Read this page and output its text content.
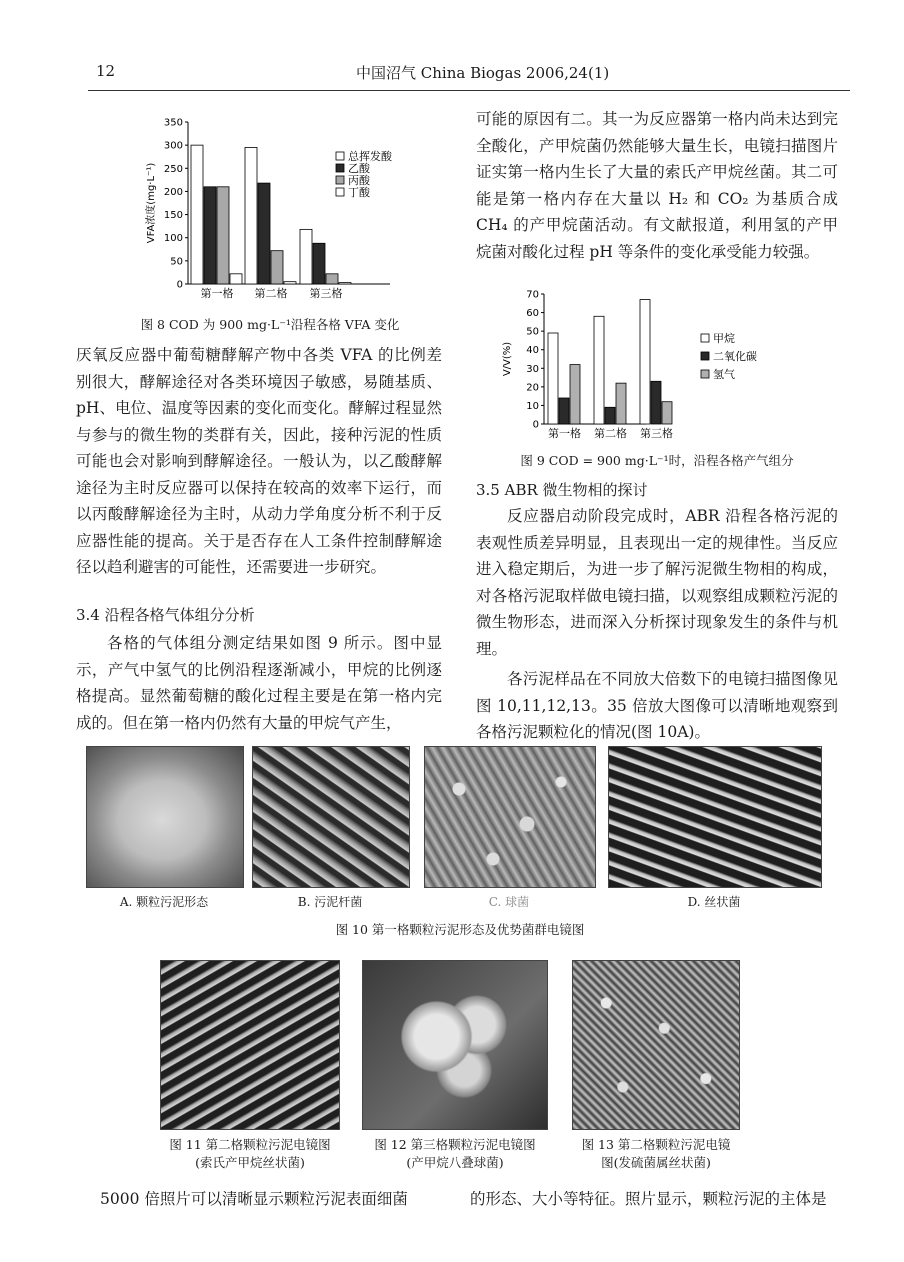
12	中国沼气 China Biogas 2006,24(1)
0
50
100
150
200
250
300
350
VFA浓度(mg·L⁻¹)
第一格 第二格 第三格
总挥发酸
乙酸
丙酸
丁酸
图 8 COD 为 900 mg·L⁻¹沿程各格 VFA 变化

厌氧反应器中葡萄糖酵解产物中各类 VFA 的比例差别很大，酵解途径对各类环境因子敏感，易随基质、pH、电位、温度等因素的变化而变化。酵解过程显然与参与的微生物的类群有关，因此，接种污泥的性质可能也会对影响到酵解途径。一般认为，以乙酸酵解途径为主时反应器可以保持在较高的效率下运行，而以丙酸酵解途径为主时，从动力学角度分析不利于反应器性能的提高。关于是否存在人工条件控制酵解途径以趋利避害的可能性，还需要进一步研究。

3.4 沿程各格气体组分分析

各格的气体组分测定结果如图 9 所示。图中显示，产气中氢气的比例沿程逐渐减小，甲烷的比例逐格提高。显然葡萄糖的酸化过程主要是在第一格内完成的。但在第一格内仍然有大量的甲烷气产生，

可能的原因有二。其一为反应器第一格内尚未达到完全酸化，产甲烷菌仍然能够大量生长，电镜扫描图片证实第一格内生长了大量的索氏产甲烷丝菌。其二可能是第一格内存在大量以 H₂ 和 CO₂ 为基质合成 CH₄ 的产甲烷菌活动。有文献报道，利用氢的产甲烷菌对酸化过程 pH 等条件的变化承受能力较强。

0
10
20
30
40
50
60
70
V/V(%)
第一格 第二格 第三格
甲烷
二氧化碳
氢气
图 9 COD = 900 mg·L⁻¹时，沿程各格产气组分
3.5 ABR 微生物相的探讨

反应器启动阶段完成时，ABR 沿程各格污泥的表观性质差异明显，且表现出一定的规律性。当反应进入稳定期后，为进一步了解污泥微生物相的构成，对各格污泥取样做电镜扫描，以观察组成颗粒污泥的微生物形态，进而深入分析探讨现象发生的条件与机理。

各污泥样品在不同放大倍数下的电镜扫描图像见图 10,11,12,13。35 倍放大图像可以清晰地观察到各格污泥颗粒化的情况(图 10A)。

A. 颗粒污泥形态	B. 污泥杆菌	C. 球菌	D. 丝状菌
图 10 第一格颗粒污泥形态及优势菌群电镜图
图 11 第二格颗粒污泥电镜图
(索氏产甲烷丝状菌)
图 12 第三格颗粒污泥电镜图
(产甲烷八叠球菌)
图 13 第二格颗粒污泥电镜
图(发硫菌属丝状菌)
5000 倍照片可以清晰显示颗粒污泥表面细菌	的形态、大小等特征。照片显示，颗粒污泥的主体是
